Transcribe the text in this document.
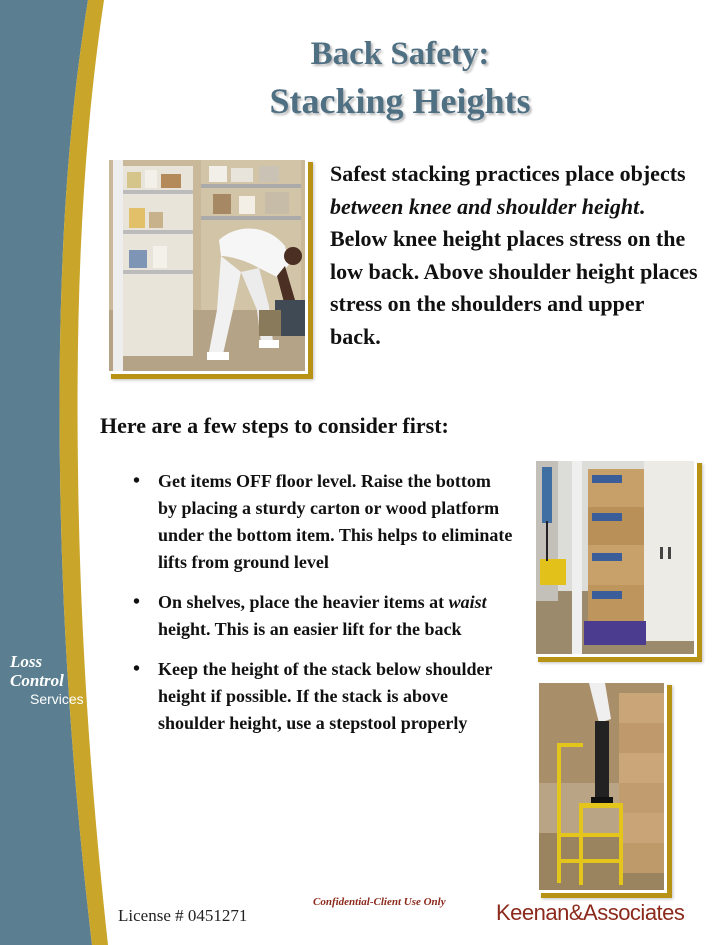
Loss
Control
Services
Back Safety:
Stacking Heights
Safest stacking practices place objects between knee and shoulder height. Below knee height places stress on the low back. Above shoulder height places stress on the shoulders and upper back.
Here are a few steps to consider first:
• Get items OFF floor level. Raise the bottom by placing a sturdy carton or wood platform under the bottom item. This helps to eliminate lifts from ground level
• On shelves, place the heavier items at waist height. This is an easier lift for the back
• Keep the height of the stack below shoulder height if possible. If the stack is above shoulder height, use a stepstool properly
Confidential-Client Use Only
License # 0451271	Keenan&Associates
